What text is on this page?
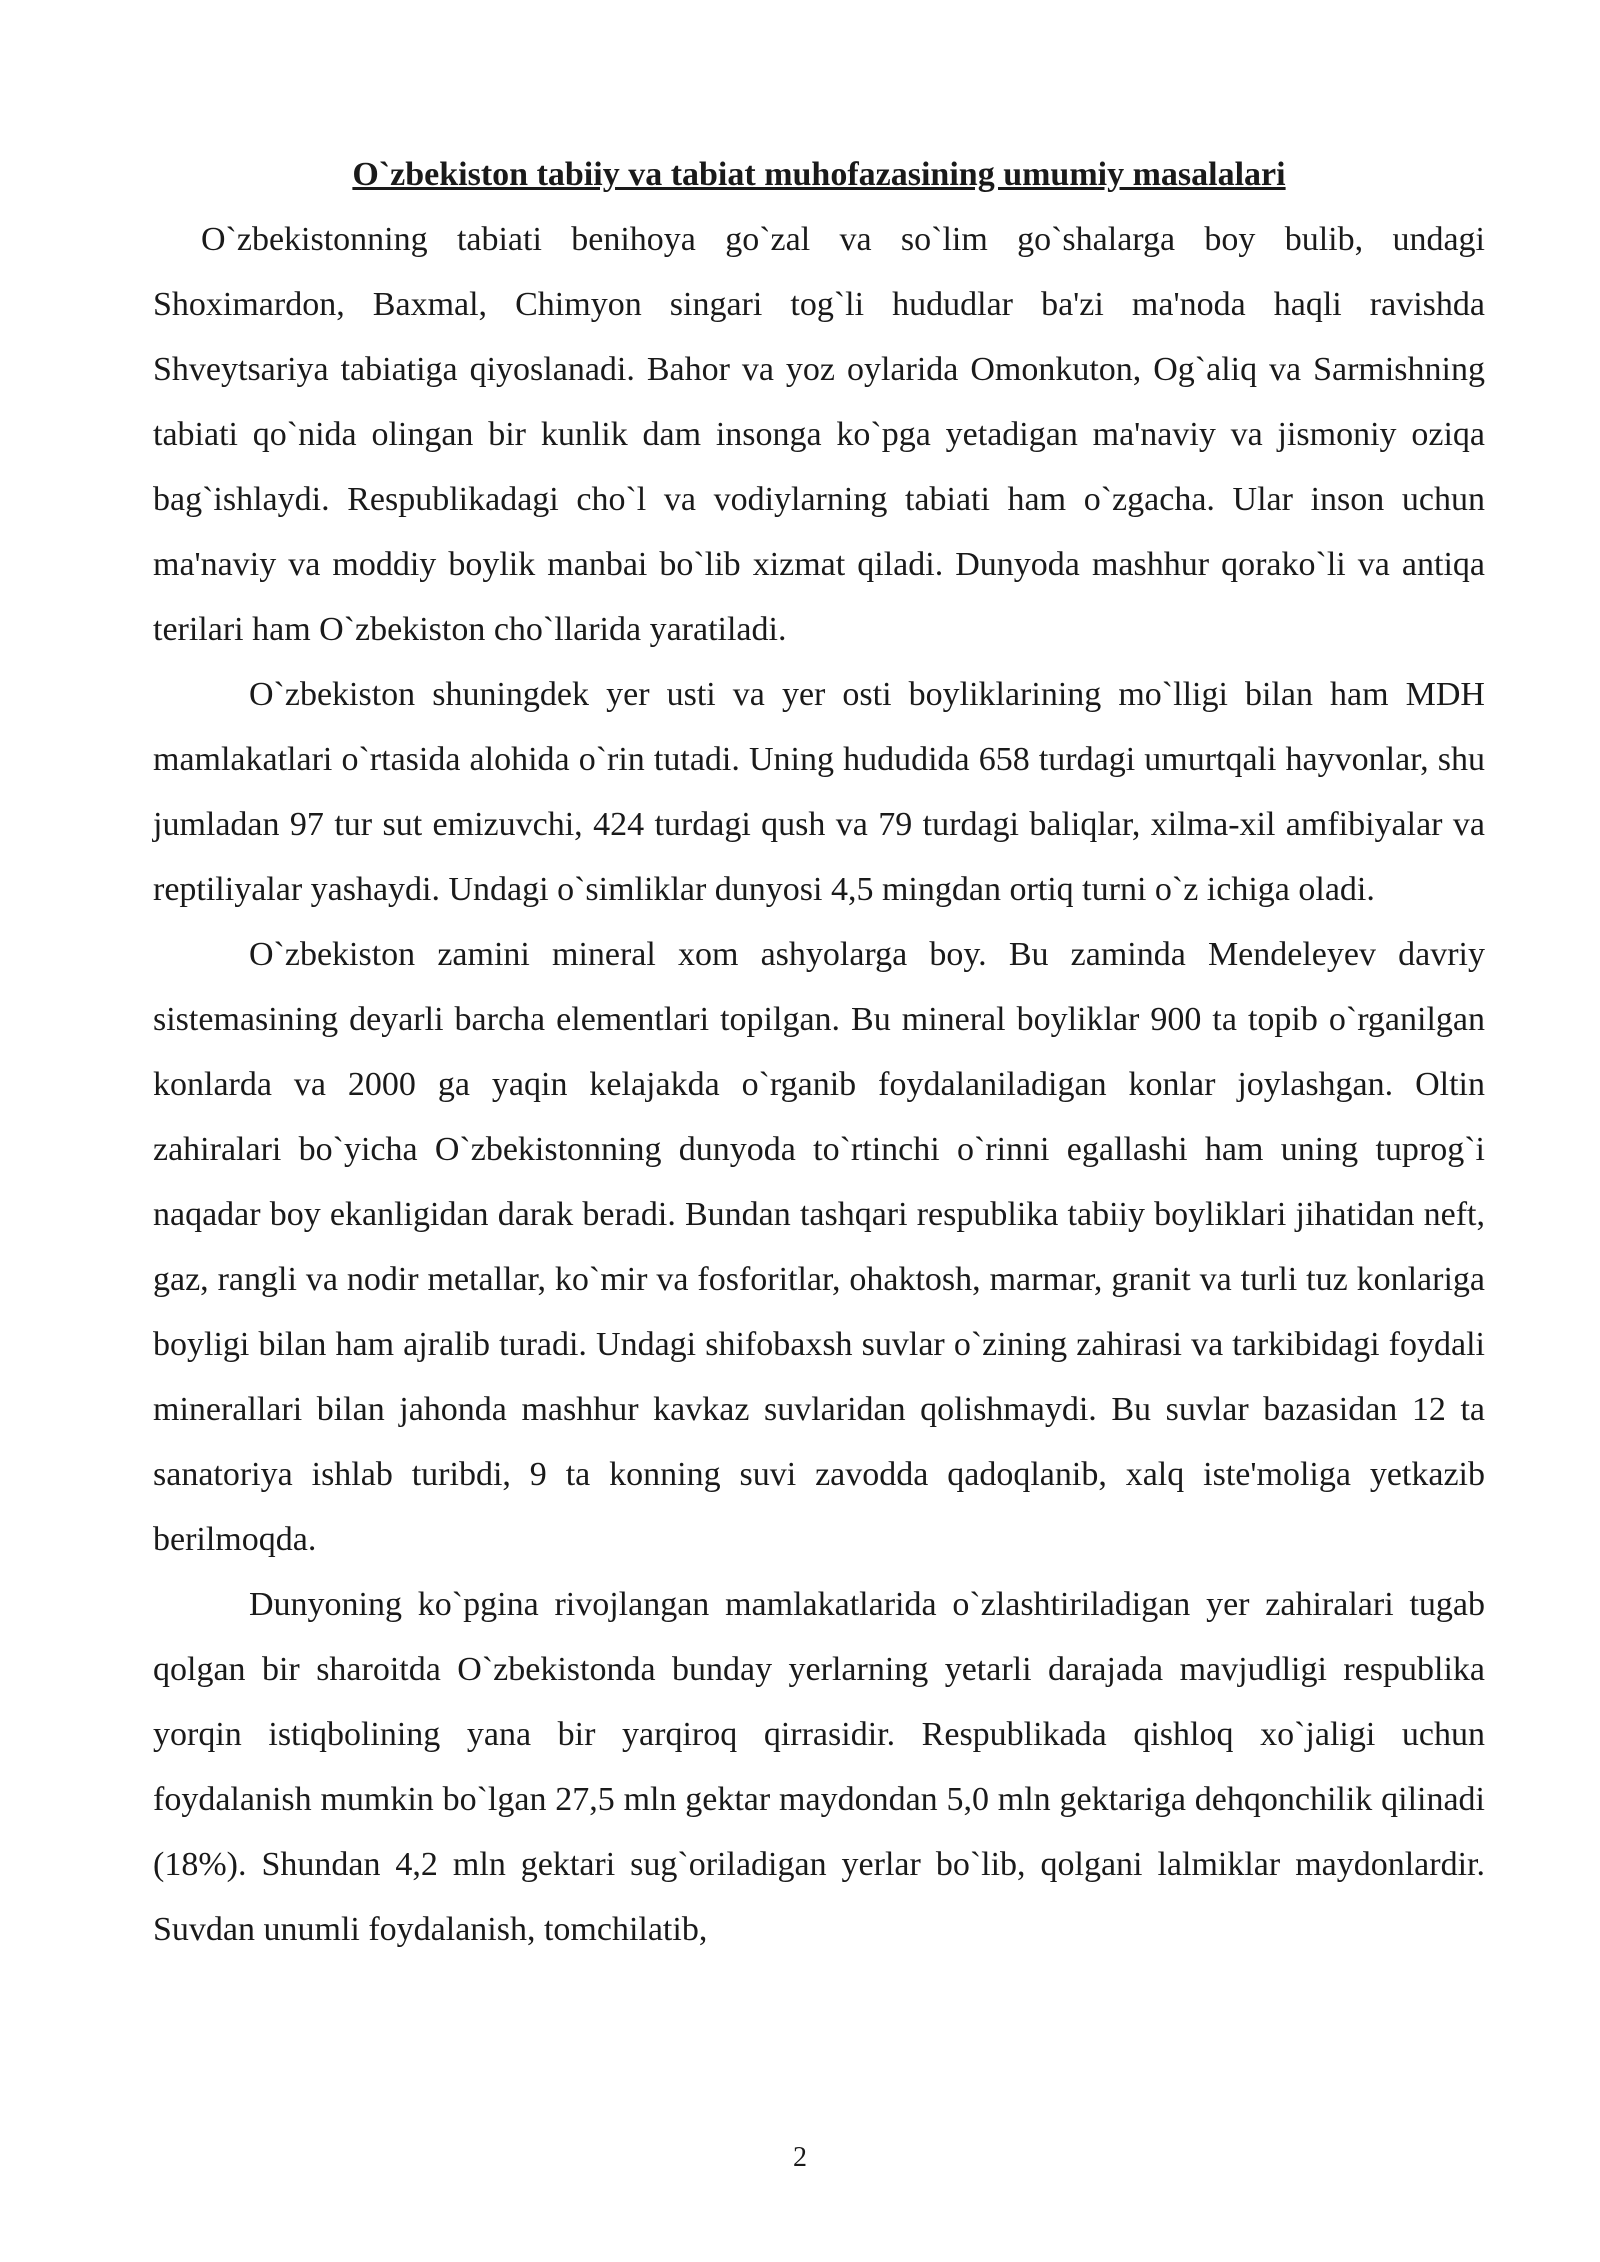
O`zbekiston tabiiy va tabiat muhofazasining umumiy masalalari

O`zbekistonning tabiati benihoya go`zal va so`lim go`shalarga boy bulib, undagi Shoximardon, Baxmal, Chimyon singari tog`li hududlar ba'zi ma'noda haqli ravishda Shveytsariya tabiatiga qiyoslanadi. Bahor va yoz oylarida Omonkuton, Og`aliq va Sarmishning tabiati qo`nida olingan bir kunlik dam insonga ko`pga yetadigan ma'naviy va jismoniy oziqa bag`ishlaydi. Respublikadagi cho`l va vodiylarning tabiati ham o`zgacha. Ular inson uchun ma'naviy va moddiy boylik manbai bo`lib xizmat qiladi. Dunyoda mashhur qorako`li va antiqa terilari ham O`zbekiston cho`llarida yaratiladi.

O`zbekiston shuningdek yer usti va yer osti boyliklarining mo`lligi bilan ham MDH mamlakatlari o`rtasida alohida o`rin tutadi. Uning hududida 658 turdagi umurtqali hayvonlar, shu jumladan 97 tur sut emizuvchi, 424 turdagi qush va 79 turdagi baliqlar, xilma-xil amfibiyalar va reptiliyalar yashaydi. Undagi o`simliklar dunyosi 4,5 mingdan ortiq turni o`z ichiga oladi.

O`zbekiston zamini mineral xom ashyolarga boy. Bu zaminda Mendeleyev davriy sistemasining deyarli barcha elementlari topilgan. Bu mineral boyliklar 900 ta topib o`rganilgan konlarda va 2000 ga yaqin kelajakda o`rganib foydalaniladigan konlar joylashgan. Oltin zahiralari bo`yicha O`zbekistonning dunyoda to`rtinchi o`rinni egallashi ham uning tuprog`i naqadar boy ekanligidan darak beradi. Bundan tashqari respublika tabiiy boyliklari jihatidan neft, gaz, rangli va nodir metallar, ko`mir va fosforitlar, ohaktosh, marmar, granit va turli tuz konlariga boyligi bilan ham ajralib turadi. Undagi shifobaxsh suvlar o`zining zahirasi va tarkibidagi foydali minerallari bilan jahonda mashhur kavkaz suvlaridan qolishmaydi. Bu suvlar bazasidan 12 ta sanatoriya ishlab turibdi, 9 ta konning suvi zavodda qadoqlanib, xalq iste'moliga yetkazib berilmoqda.

Dunyoning ko`pgina rivojlangan mamlakatlarida o`zlashtiriladigan yer zahiralari tugab qolgan bir sharoitda O`zbekistonda bunday yerlarning yetarli darajada mavjudligi respublika yorqin istiqbolining yana bir yarqiroq qirrasidir. Respublikada qishloq xo`jaligi uchun foydalanish mumkin bo`lgan 27,5 mln gektar maydondan 5,0 mln gektariga dehqonchilik qilinadi (18%). Shundan 4,2 mln gektari sug`oriladigan yerlar bo`lib, qolgani lalmiklar maydonlardir. Suvdan unumli foydalanish, tomchilatib,

2
